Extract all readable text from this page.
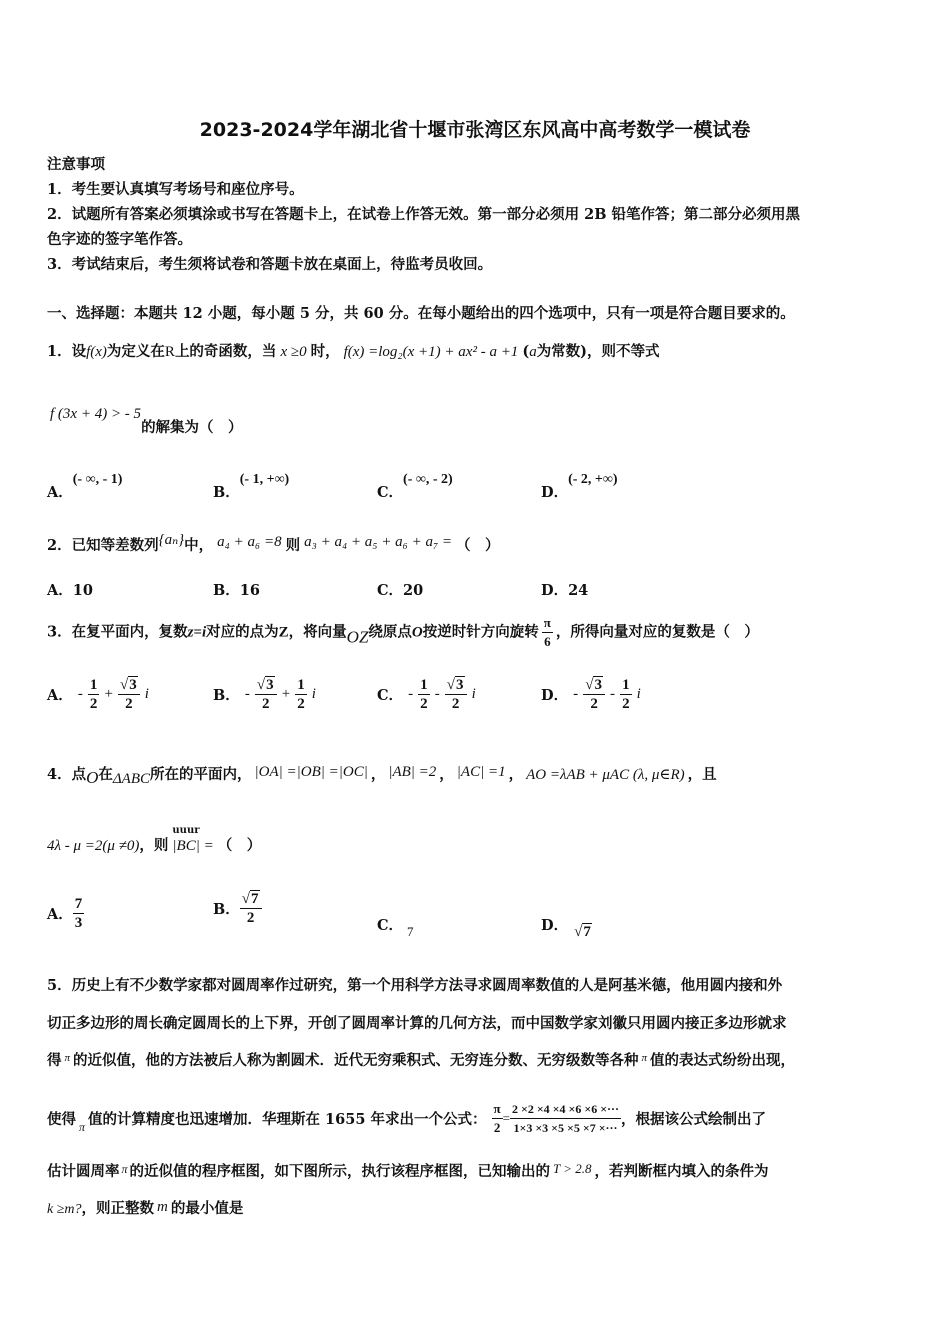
2023-2024学年湖北省十堰市张湾区东风高中高考数学一模试卷
注意事项
1．考生要认真填写考场号和座位序号。
2．试题所有答案必须填涂或书写在答题卡上，在试卷上作答无效。第一部分必须用 2B 铅笔作答；第二部分必须用黑
色字迹的签字笔作答。
3．考试结束后，考生须将试卷和答题卡放在桌面上，待监考员收回。
一、选择题：本题共 12 小题，每小题 5 分，共 60 分。在每小题给出的四个选项中，只有一项是符合题目要求的。
1．设f(x)为定义在R上的奇函数，当 x ≥0 时， f(x) =log₂(x +1) + ax² - a +1 (a为常数)，则不等式
f (3x + 4) > - 5的解集为（　）
A．(- ∞, - 1)
B．(- 1, +∞)
C．(- ∞, - 2)
D．(- 2, +∞)
2．已知等差数列{aₙ}中， a₄ + a₆ =8 则 a₃ + a₄ + a₅ + a₆ + a₇ = （　）
A．10	B．16	C．20	D．24
3．在复平面内，复数z=i对应的点为Z，将向量OZ绕原点O按逆时针方向旋转 $\frac{\pi}{6}$ ，所得向量对应的复数是（　）
A． - $\frac{1}{2} + \frac{√3}{2}$ i	B． - $\frac{√3}{2} + \frac{1}{2}$ i	C． - $\frac{1}{2} - \frac{√3}{2}$ i	D． - $\frac{√3}{2} - \frac{1}{2}$ i
4．点O在ΔABC所在的平面内， |OA| =|OB| =|OC| ， |AB| =2 ， |AC| =1 ， AO =λAB + μAC (λ, μ∈R) ，且
4λ - μ =2(μ ≠0)，则
uuur
|BC| = （　）
A． $\frac{7}{3}$	B． $\frac{√7}{2}$	C． 7	D． √7
5．历史上有不少数学家都对圆周率作过研究，第一个用科学方法寻求圆周率数值的人是阿基米德，他用圆内接和外
切正多边形的周长确定圆周长的上下界，开创了圆周率计算的几何方法，而中国数学家刘徽只用圆内接正多边形就求
得 $^\pi$ 的近似值，他的方法被后人称为割圆术．近代无穷乘积式、无穷连分数、无穷级数等各种 $^\pi$ 值的表达式纷纷出现，
使得 $_\pi$ 值的计算精度也迅速增加．华理斯在 1655 年求出一个公式： $\frac{\pi}{2} = \frac{2 \times 2 \times 4 \times 4 \times 6 \times 6 \times\cdot\cdot\cdot}{1\times 3 \times 3 \times 5 \times 5 \times 7 \times\cdot\cdot\cdot}$ ，根据该公式绘制出了
估计圆周率 $^\pi$ 的近似值的程序框图，如下图所示，执行该程序框图，已知输出的 T > 2.8 ，若判断框内填入的条件为
k ≥m?，则正整数 m 的最小值是
